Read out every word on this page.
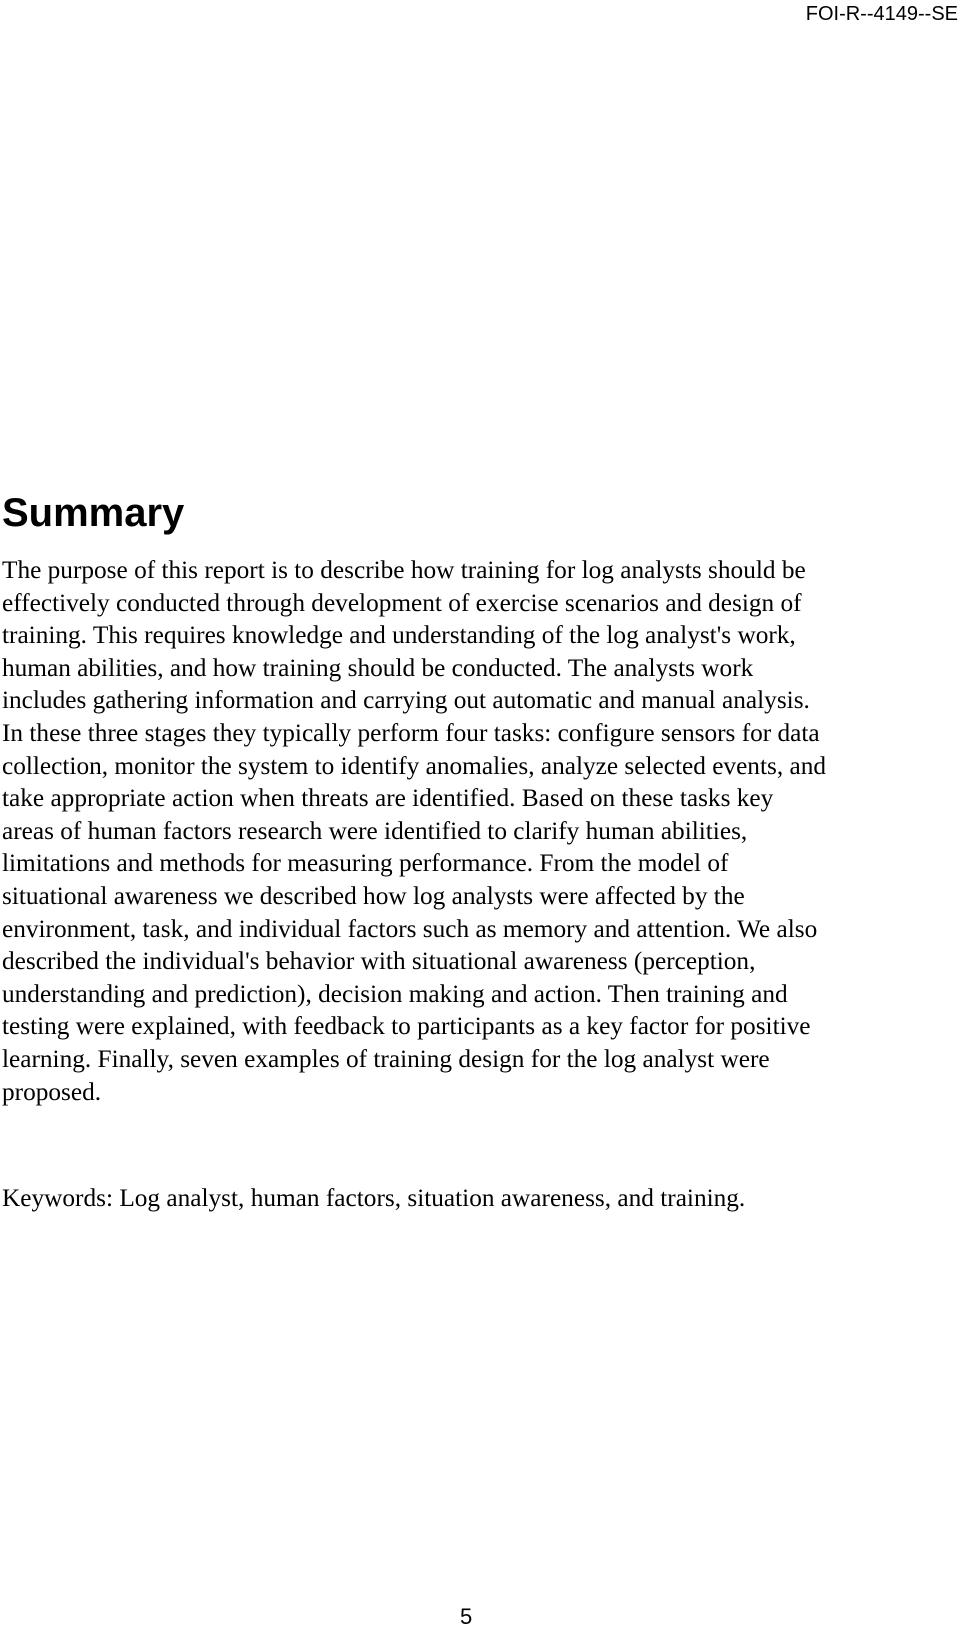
FOI-R--4149--SE
Summary

The purpose of this report is to describe how training for log analysts should be
effectively conducted through development of exercise scenarios and design of
training. This requires knowledge and understanding of the log analyst's work,
human abilities, and how training should be conducted. The analysts work
includes gathering information and carrying out automatic and manual analysis.
In these three stages they typically perform four tasks: configure sensors for data
collection, monitor the system to identify anomalies, analyze selected events, and
take appropriate action when threats are identified. Based on these tasks key
areas of human factors research were identified to clarify human abilities,
limitations and methods for measuring performance. From the model of
situational awareness we described how log analysts were affected by the
environment, task, and individual factors such as memory and attention. We also
described the individual's behavior with situational awareness (perception,
understanding and prediction), decision making and action. Then training and
testing were explained, with feedback to participants as a key factor for positive
learning. Finally, seven examples of training design for the log analyst were
proposed.

Keywords: Log analyst, human factors, situation awareness, and training.

5
